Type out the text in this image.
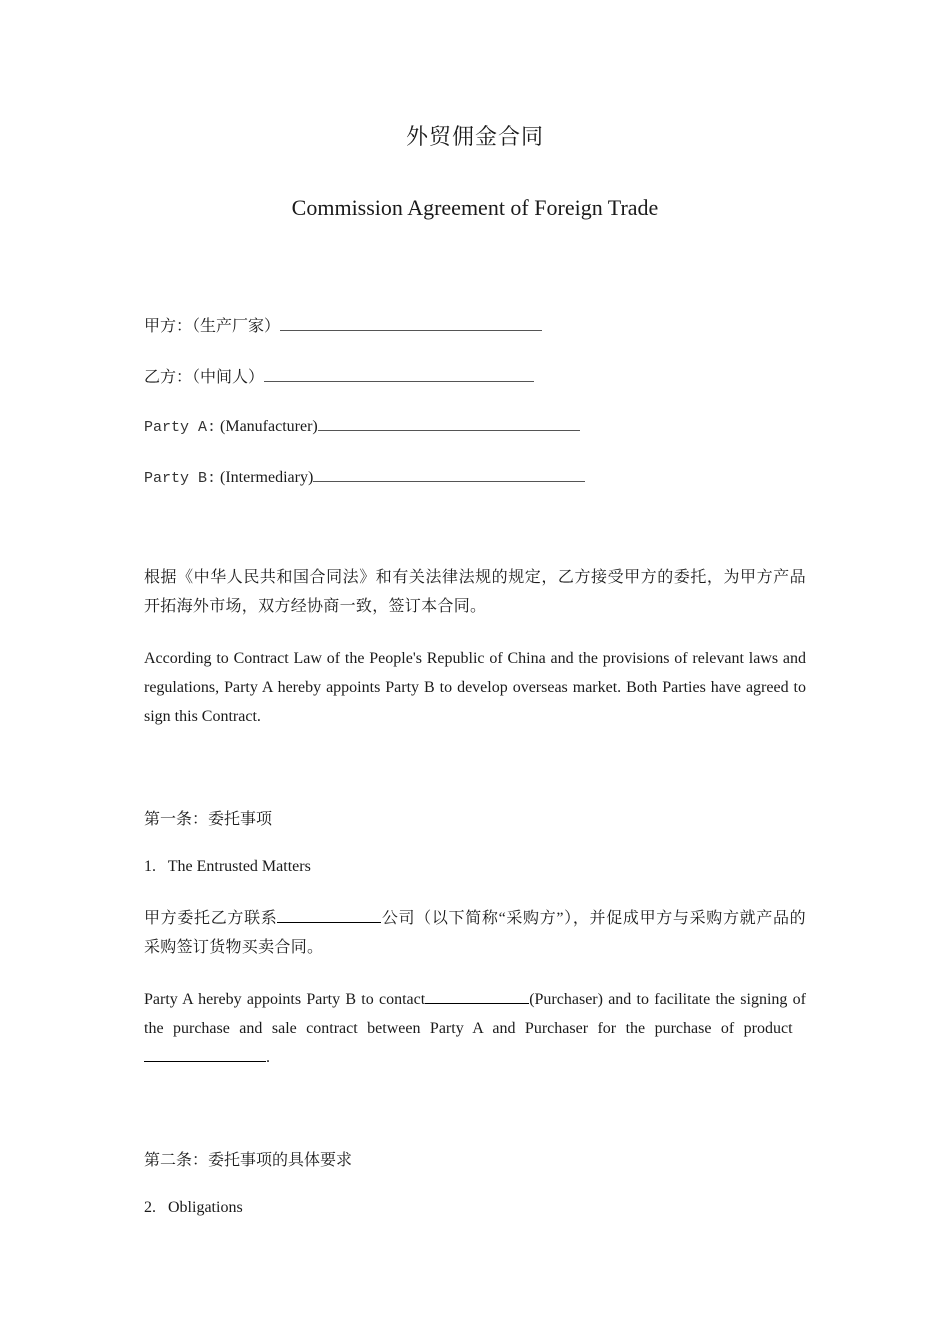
外贸佣金合同
Commission Agreement of Foreign Trade
甲方：（生产厂家）
乙方：（中间人）
Party A: (Manufacturer)
Party B: (Intermediary)
根据《中华人民共和国合同法》和有关法律法规的规定，乙方接受甲方的委托，为甲方产品开拓海外市场，双方经协商一致，签订本合同。
According to Contract Law of the People's Republic of China and the provisions of relevant laws and regulations, Party A hereby appoints Party B to develop overseas market. Both Parties have agreed to sign this Contract.
第一条：委托事项
1. The Entrusted Matters
甲方委托乙方联系	公司（以下简称“采购方”），并促成甲方与采购方就产品的采购签订货物买卖合同。
Party A hereby appoints Party B to contact	(Purchaser) and to facilitate the signing of the purchase and sale contract between Party A and Purchaser for the purchase of product  .
第二条：委托事项的具体要求
2. Obligations
